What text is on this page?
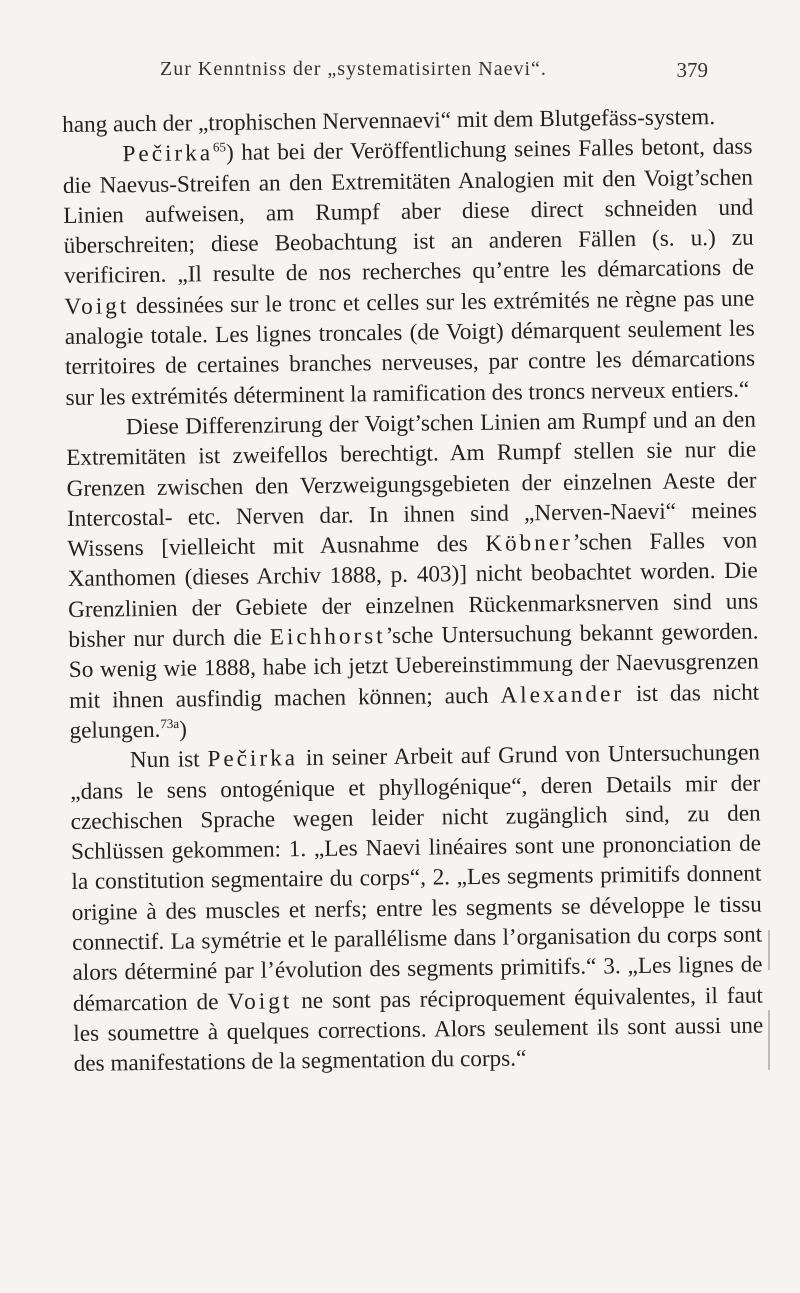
Zur Kenntniss der „systematisirten Naevi“.	379

hang auch der „trophischen Nervennaevi“ mit dem Blutgefäss-system.

Pečirka$^{65}$) hat bei der Veröffentlichung seines Falles betont, dass die Naevus-Streifen an den Extremitäten Analogien mit den Voigt’schen Linien aufweisen, am Rumpf aber diese direct schneiden und überschreiten; diese Beobachtung ist an anderen Fällen (s. u.) zu verificiren. „Il resulte de nos recherches qu’entre les démarcations de Voigt dessinées sur le tronc et celles sur les extrémités ne règne pas une analogie totale. Les lignes troncales (de Voigt) démarquent seulement les territoires de certaines branches nerveuses, par contre les démarcations sur les extrémités déterminent la ramification des troncs nerveux entiers.“

Diese Differenzirung der Voigt’schen Linien am Rumpf und an den Extremitäten ist zweifellos berechtigt. Am Rumpf stellen sie nur die Grenzen zwischen den Verzweigungsgebieten der einzelnen Aeste der Intercostal- etc. Nerven dar. In ihnen sind „Nerven-Naevi“ meines Wissens [vielleicht mit Ausnahme des Köbner’schen Falles von Xanthomen (dieses Archiv 1888, p. 403)] nicht beobachtet worden. Die Grenzlinien der Gebiete der einzelnen Rückenmarksnerven sind uns bisher nur durch die Eichhorst’sche Untersuchung bekannt geworden. So wenig wie 1888, habe ich jetzt Uebereinstimmung der Naevusgrenzen mit ihnen ausfindig machen können; auch Alexander ist das nicht gelungen.$^{73a}$)

Nun ist Pečirka in seiner Arbeit auf Grund von Untersuchungen „dans le sens ontogénique et phyllogénique“, deren Details mir der czechischen Sprache wegen leider nicht zugänglich sind, zu den Schlüssen gekommen: 1. „Les Naevi linéaires sont une prononciation de la constitution segmentaire du corps“, 2. „Les segments primitifs donnent origine à des muscles et nerfs; entre les segments se développe le tissu connectif. La symétrie et le parallélisme dans l’organisation du corps sont alors déterminé par l’évolution des segments primitifs.“ 3. „Les lignes de démarcation de Voigt ne sont pas réciproquement équivalentes, il faut les soumettre à quelques corrections. Alors seulement ils sont aussi une des manifestations de la segmentation du corps.“
